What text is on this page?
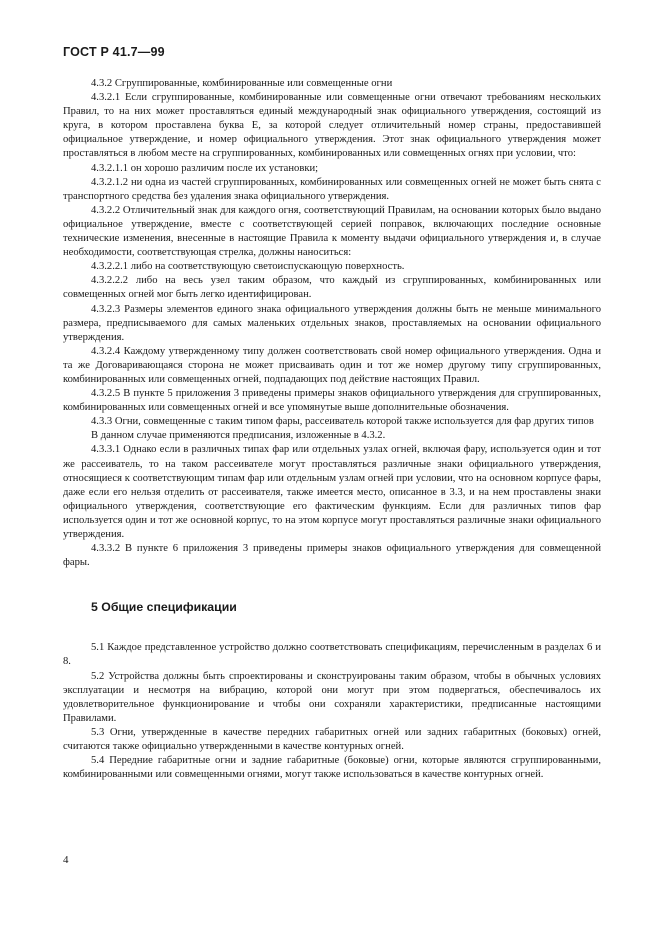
ГОСТ Р 41.7—99

4.3.2 Сгруппированные, комбинированные или совмещенные огни

4.3.2.1 Если сгруппированные, комбинированные или совмещенные огни отвечают требованиям нескольких Правил, то на них может проставляться единый международный знак официального утверждения, состоящий из круга, в котором проставлена буква Е, за которой следует отличительный номер страны, предоставившей официальное утверждение, и номер официального утверждения. Этот знак официального утверждения может проставляться в любом месте на сгруппированных, комбинированных или совмещенных огнях при условии, что:

4.3.2.1.1 он хорошо различим после их установки;

4.3.2.1.2 ни одна из частей сгруппированных, комбинированных или совмещенных огней не может быть снята с транспортного средства без удаления знака официального утверждения.

4.3.2.2 Отличительный знак для каждого огня, соответствующий Правилам, на основании которых было выдано официальное утверждение, вместе с соответствующей серией поправок, включающих последние основные технические изменения, внесенные в настоящие Правила к моменту выдачи официального утверждения и, в случае необходимости, соответствующая стрелка, должны наноситься:

4.3.2.2.1 либо на соответствующую светоиспускающую поверхность.

4.3.2.2.2 либо на весь узел таким образом, что каждый из сгруппированных, комбинированных или совмещенных огней мог быть легко идентифицирован.

4.3.2.3 Размеры элементов единого знака официального утверждения должны быть не меньше минимального размера, предписываемого для самых маленьких отдельных знаков, проставляемых на основании официального утверждения.

4.3.2.4 Каждому утвержденному типу должен соответствовать свой номер официального утверждения. Одна и та же Договаривающаяся сторона не может присваивать один и тот же номер другому типу сгруппированных, комбинированных или совмещенных огней, подпадающих под действие настоящих Правил.

4.3.2.5 В пункте 5 приложения 3 приведены примеры знаков официального утверждения для сгруппированных, комбинированных или совмещенных огней и все упомянутые выше дополнительные обозначения.

4.3.3 Огни, совмещенные с таким типом фары, рассеиватель которой также используется для фар других типов

В данном случае применяются предписания, изложенные в 4.3.2.

4.3.3.1 Однако если в различных типах фар или отдельных узлах огней, включая фару, используется один и тот же рассеиватель, то на таком рассеивателе могут проставляться различные знаки официального утверждения, относящиеся к соответствующим типам фар или отдельным узлам огней при условии, что на основном корпусе фары, даже если его нельзя отделить от рассеивателя, также имеется место, описанное в 3.3, и на нем проставлены знаки официального утверждения, соответствующие его фактическим функциям. Если для различных типов фар используется один и тот же основной корпус, то на этом корпусе могут проставляться различные знаки официального утверждения.

4.3.3.2 В пункте 6 приложения 3 приведены примеры знаков официального утверждения для совмещенной фары.

5 Общие спецификации

5.1 Каждое представленное устройство должно соответствовать спецификациям, перечисленным в разделах 6 и 8.

5.2 Устройства должны быть спроектированы и сконструированы таким образом, чтобы в обычных условиях эксплуатации и несмотря на вибрацию, которой они могут при этом подвергаться, обеспечивалось их удовлетворительное функционирование и чтобы они сохраняли характеристики, предписанные настоящими Правилами.

5.3 Огни, утвержденные в качестве передних габаритных огней или задних габаритных (боковых) огней, считаются также официально утвержденными в качестве контурных огней.

5.4 Передние габаритные огни и задние габаритные (боковые) огни, которые являются сгруппированными, комбинированными или совмещенными огнями, могут также использоваться в качестве контурных огней.

4
